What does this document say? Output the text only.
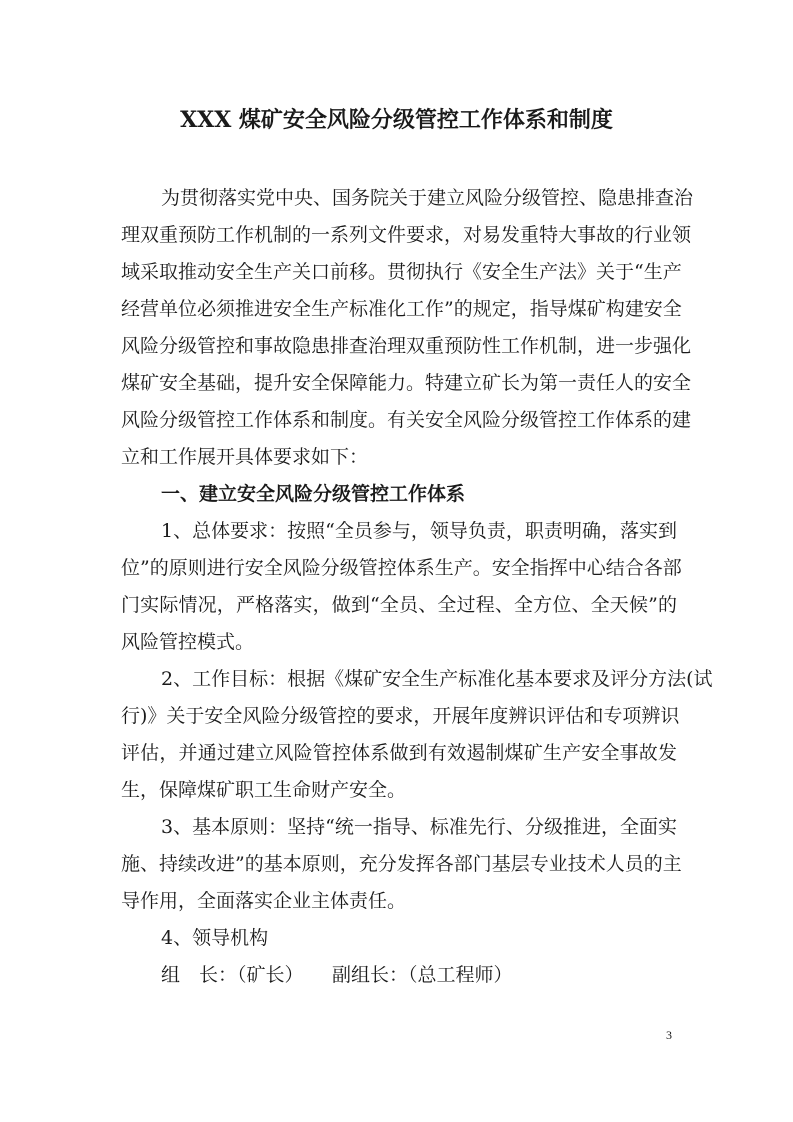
XXX 煤矿安全风险分级管控工作体系和制度
为贯彻落实党中央、国务院关于建立风险分级管控、隐患排查治
理双重预防工作机制的一系列文件要求，对易发重特大事故的行业领
域采取推动安全生产关口前移。贯彻执行《安全生产法》关于“生产
经营单位必须推进安全生产标准化工作”的规定，指导煤矿构建安全
风险分级管控和事故隐患排查治理双重预防性工作机制，进一步强化
煤矿安全基础，提升安全保障能力。特建立矿长为第一责任人的安全
风险分级管控工作体系和制度。有关安全风险分级管控工作体系的建
立和工作展开具体要求如下：
一、建立安全风险分级管控工作体系
1、总体要求：按照“全员参与，领导负责，职责明确，落实到
位”的原则进行安全风险分级管控体系生产。安全指挥中心结合各部
门实际情况，严格落实，做到“全员、全过程、全方位、全天候”的
风险管控模式。
2、工作目标：根据《煤矿安全生产标准化基本要求及评分方法(试
行)》关于安全风险分级管控的要求，开展年度辨识评估和专项辨识
评估，并通过建立风险管控体系做到有效遏制煤矿生产安全事故发
生，保障煤矿职工生命财产安全。
3、基本原则：坚持“统一指导、标准先行、分级推进，全面实
施、持续改进”的基本原则，充分发挥各部门基层专业技术人员的主
导作用，全面落实企业主体责任。
4、领导机构
组　长：（矿长）　　副组长：（总工程师）
3
